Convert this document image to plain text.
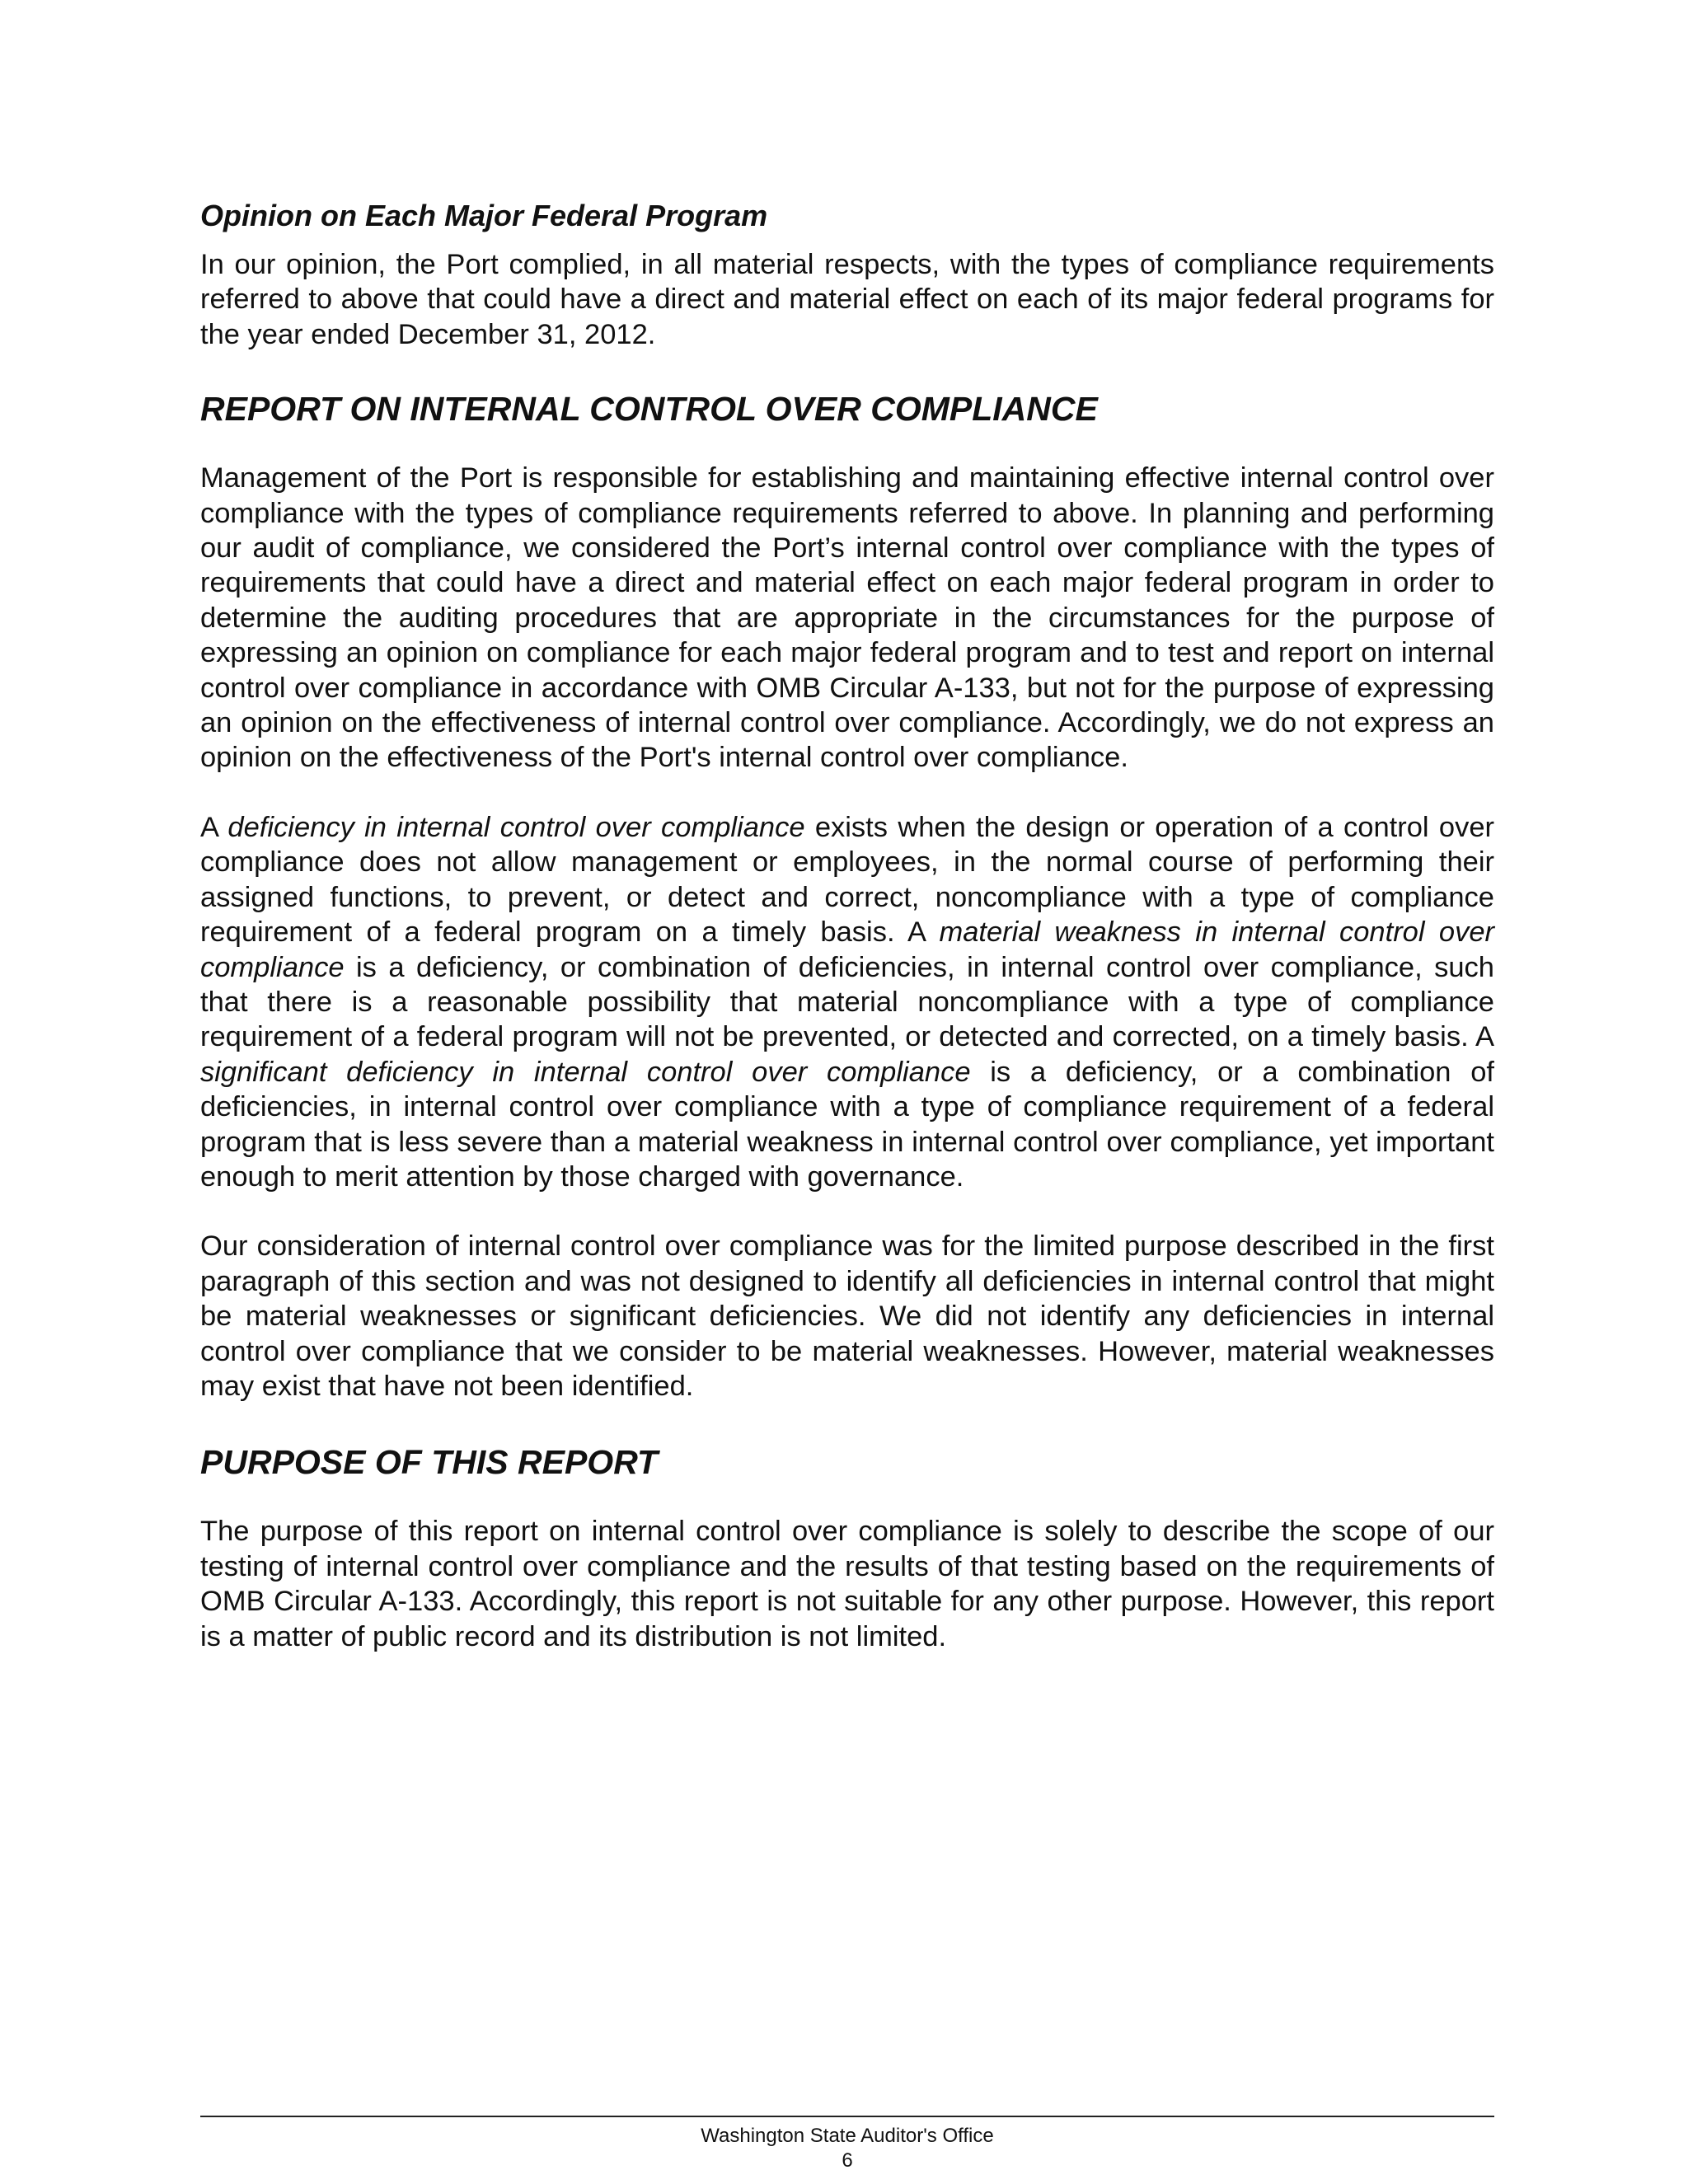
Opinion on Each Major Federal Program

In our opinion, the Port complied, in all material respects, with the types of compliance requirements referred to above that could have a direct and material effect on each of its major federal programs for the year ended December 31, 2012.

REPORT ON INTERNAL CONTROL OVER COMPLIANCE

Management of the Port is responsible for establishing and maintaining effective internal control over compliance with the types of compliance requirements referred to above. In planning and performing our audit of compliance, we considered the Port’s internal control over compliance with the types of requirements that could have a direct and material effect on each major federal program in order to determine the auditing procedures that are appropriate in the circumstances for the purpose of expressing an opinion on compliance for each major federal program and to test and report on internal control over compliance in accordance with OMB Circular A-133, but not for the purpose of expressing an opinion on the effectiveness of internal control over compliance. Accordingly, we do not express an opinion on the effectiveness of the Port's internal control over compliance.

A deficiency in internal control over compliance exists when the design or operation of a control over compliance does not allow management or employees, in the normal course of performing their assigned functions, to prevent, or detect and correct, noncompliance with a type of compliance requirement of a federal program on a timely basis. A material weakness in internal control over compliance is a deficiency, or combination of deficiencies, in internal control over compliance, such that there is a reasonable possibility that material noncompliance with a type of compliance requirement of a federal program will not be prevented, or detected and corrected, on a timely basis. A significant deficiency in internal control over compliance is a deficiency, or a combination of deficiencies, in internal control over compliance with a type of compliance requirement of a federal program that is less severe than a material weakness in internal control over compliance, yet important enough to merit attention by those charged with governance.

Our consideration of internal control over compliance was for the limited purpose described in the first paragraph of this section and was not designed to identify all deficiencies in internal control that might be material weaknesses or significant deficiencies. We did not identify any deficiencies in internal control over compliance that we consider to be material weaknesses. However, material weaknesses may exist that have not been identified.

PURPOSE OF THIS REPORT

The purpose of this report on internal control over compliance is solely to describe the scope of our testing of internal control over compliance and the results of that testing based on the requirements of OMB Circular A-133. Accordingly, this report is not suitable for any other purpose. However, this report is a matter of public record and its distribution is not limited.

Washington State Auditor's Office
6
